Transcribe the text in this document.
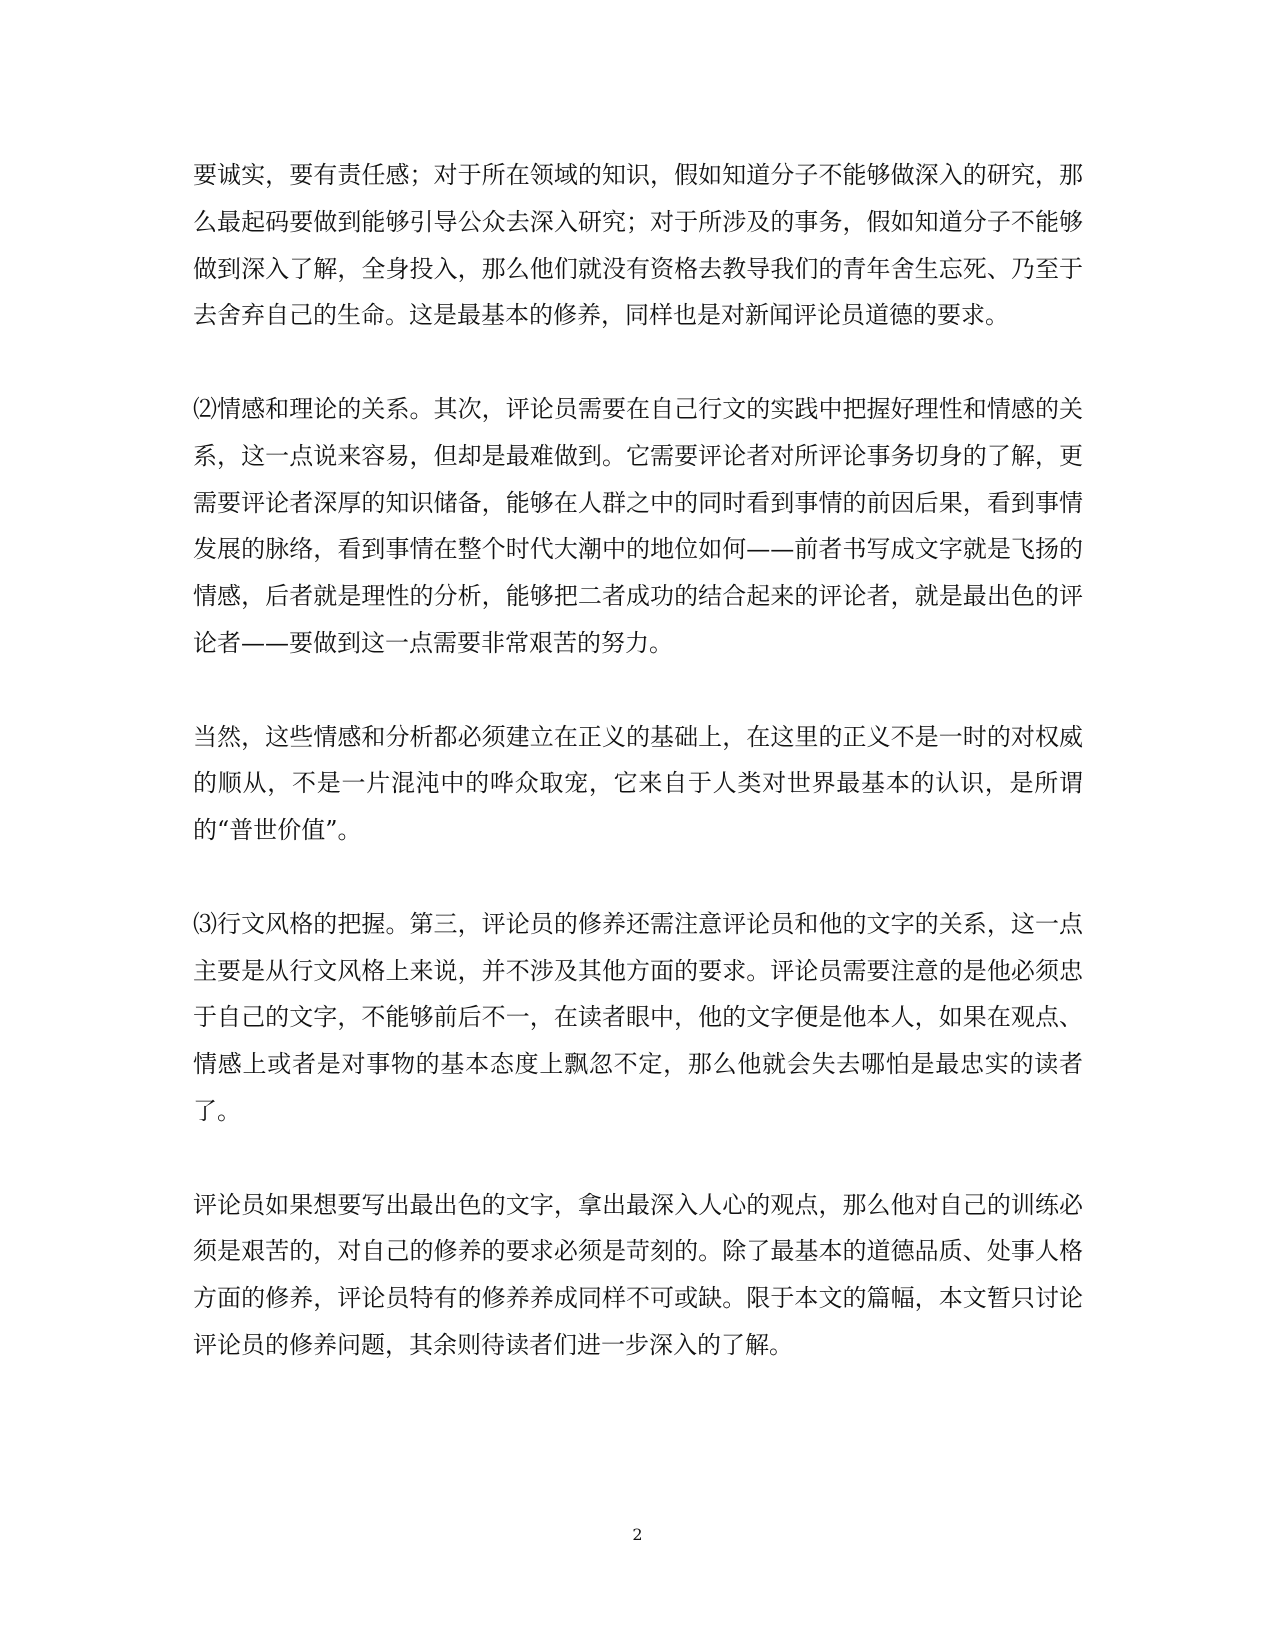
要诚实，要有责任感；对于所在领域的知识，假如知道分子不能够做深入的研究，那么最起码要做到能够引导公众去深入研究；对于所涉及的事务，假如知道分子不能够做到深入了解，全身投入，那么他们就没有资格去教导我们的青年舍生忘死、乃至于去舍弃自己的生命。这是最基本的修养，同样也是对新闻评论员道德的要求。

⑵情感和理论的关系。其次，评论员需要在自己行文的实践中把握好理性和情感的关系，这一点说来容易，但却是最难做到。它需要评论者对所评论事务切身的了解，更需要评论者深厚的知识储备，能够在人群之中的同时看到事情的前因后果，看到事情发展的脉络，看到事情在整个时代大潮中的地位如何——前者书写成文字就是飞扬的情感，后者就是理性的分析，能够把二者成功的结合起来的评论者，就是最出色的评论者——要做到这一点需要非常艰苦的努力。

当然，这些情感和分析都必须建立在正义的基础上，在这里的正义不是一时的对权威的顺从，不是一片混沌中的哗众取宠，它来自于人类对世界最基本的认识，是所谓的“普世价值”。

⑶行文风格的把握。第三，评论员的修养还需注意评论员和他的文字的关系，这一点主要是从行文风格上来说，并不涉及其他方面的要求。评论员需要注意的是他必须忠于自己的文字，不能够前后不一，在读者眼中，他的文字便是他本人，如果在观点、情感上或者是对事物的基本态度上飘忽不定，那么他就会失去哪怕是最忠实的读者了。

评论员如果想要写出最出色的文字，拿出最深入人心的观点，那么他对自己的训练必须是艰苦的，对自己的修养的要求必须是苛刻的。除了最基本的道德品质、处事人格方面的修养，评论员特有的修养养成同样不可或缺。限于本文的篇幅，本文暂只讨论评论员的修养问题，其余则待读者们进一步深入的了解。

2
